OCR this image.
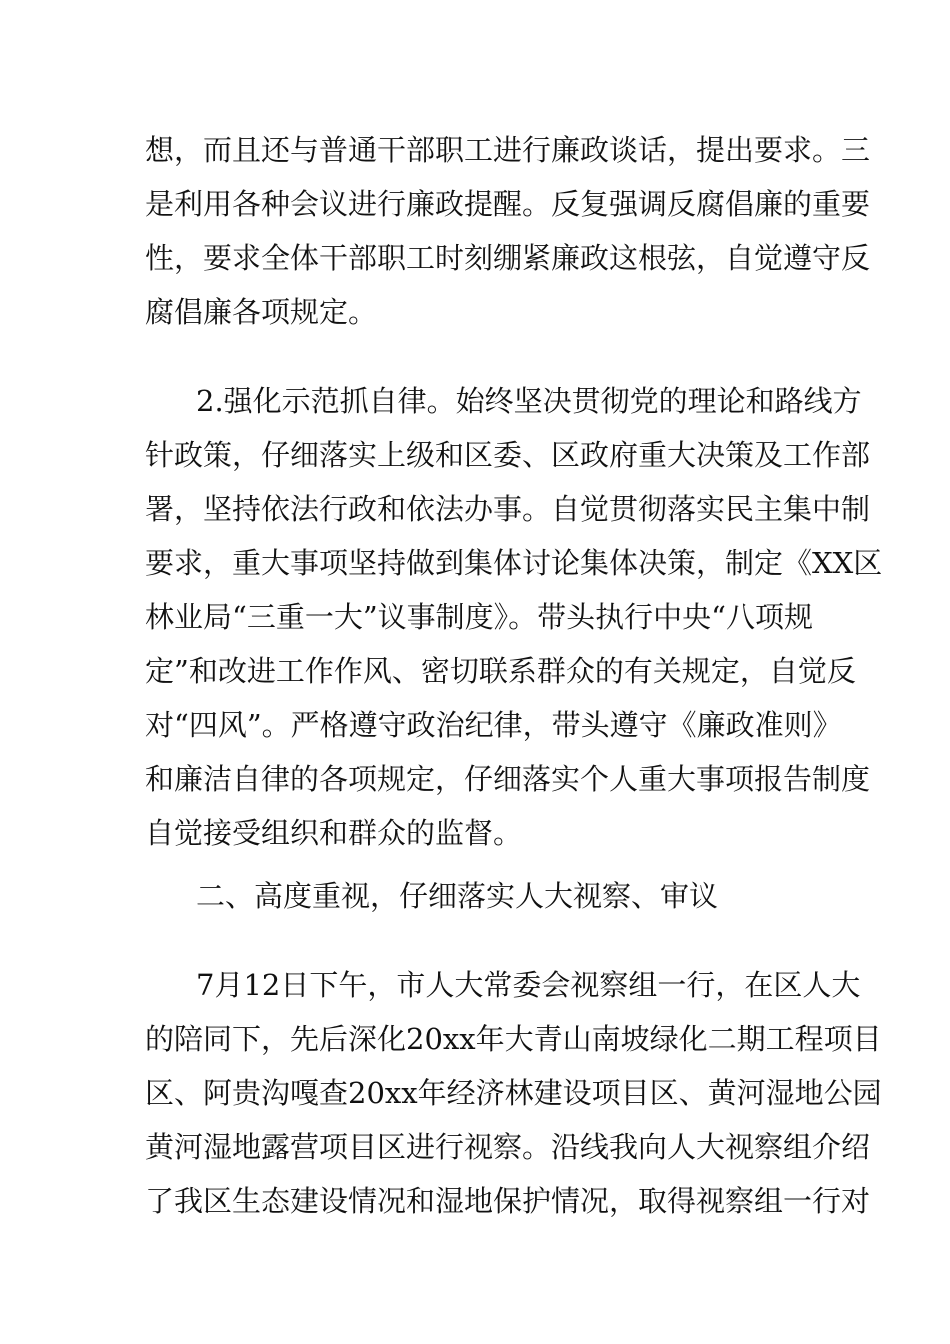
想，而且还与普通干部职工进行廉政谈话，提出要求。三
是利用各种会议进行廉政提醒。反复强调反腐倡廉的重要
性，要求全体干部职工时刻绷紧廉政这根弦，自觉遵守反
腐倡廉各项规定。
2.强化示范抓自律。始终坚决贯彻党的理论和路线方
针政策，仔细落实上级和区委、区政府重大决策及工作部
署，坚持依法行政和依法办事。自觉贯彻落实民主集中制
要求，重大事项坚持做到集体讨论集体决策，制定《XX区
林业局“三重一大”议事制度》。带头执行中央“八项规
定”和改进工作作风、密切联系群众的有关规定，自觉反
对“四风”。严格遵守政治纪律，带头遵守《廉政准则》
和廉洁自律的各项规定，仔细落实个人重大事项报告制度
自觉接受组织和群众的监督。
二、高度重视，仔细落实人大视察、审议
7月12日下午，市人大常委会视察组一行，在区人大
的陪同下，先后深化20xx年大青山南坡绿化二期工程项目
区、阿贵沟嘎查20xx年经济林建设项目区、黄河湿地公园
黄河湿地露营项目区进行视察。沿线我向人大视察组介绍
了我区生态建设情况和湿地保护情况，取得视察组一行对
